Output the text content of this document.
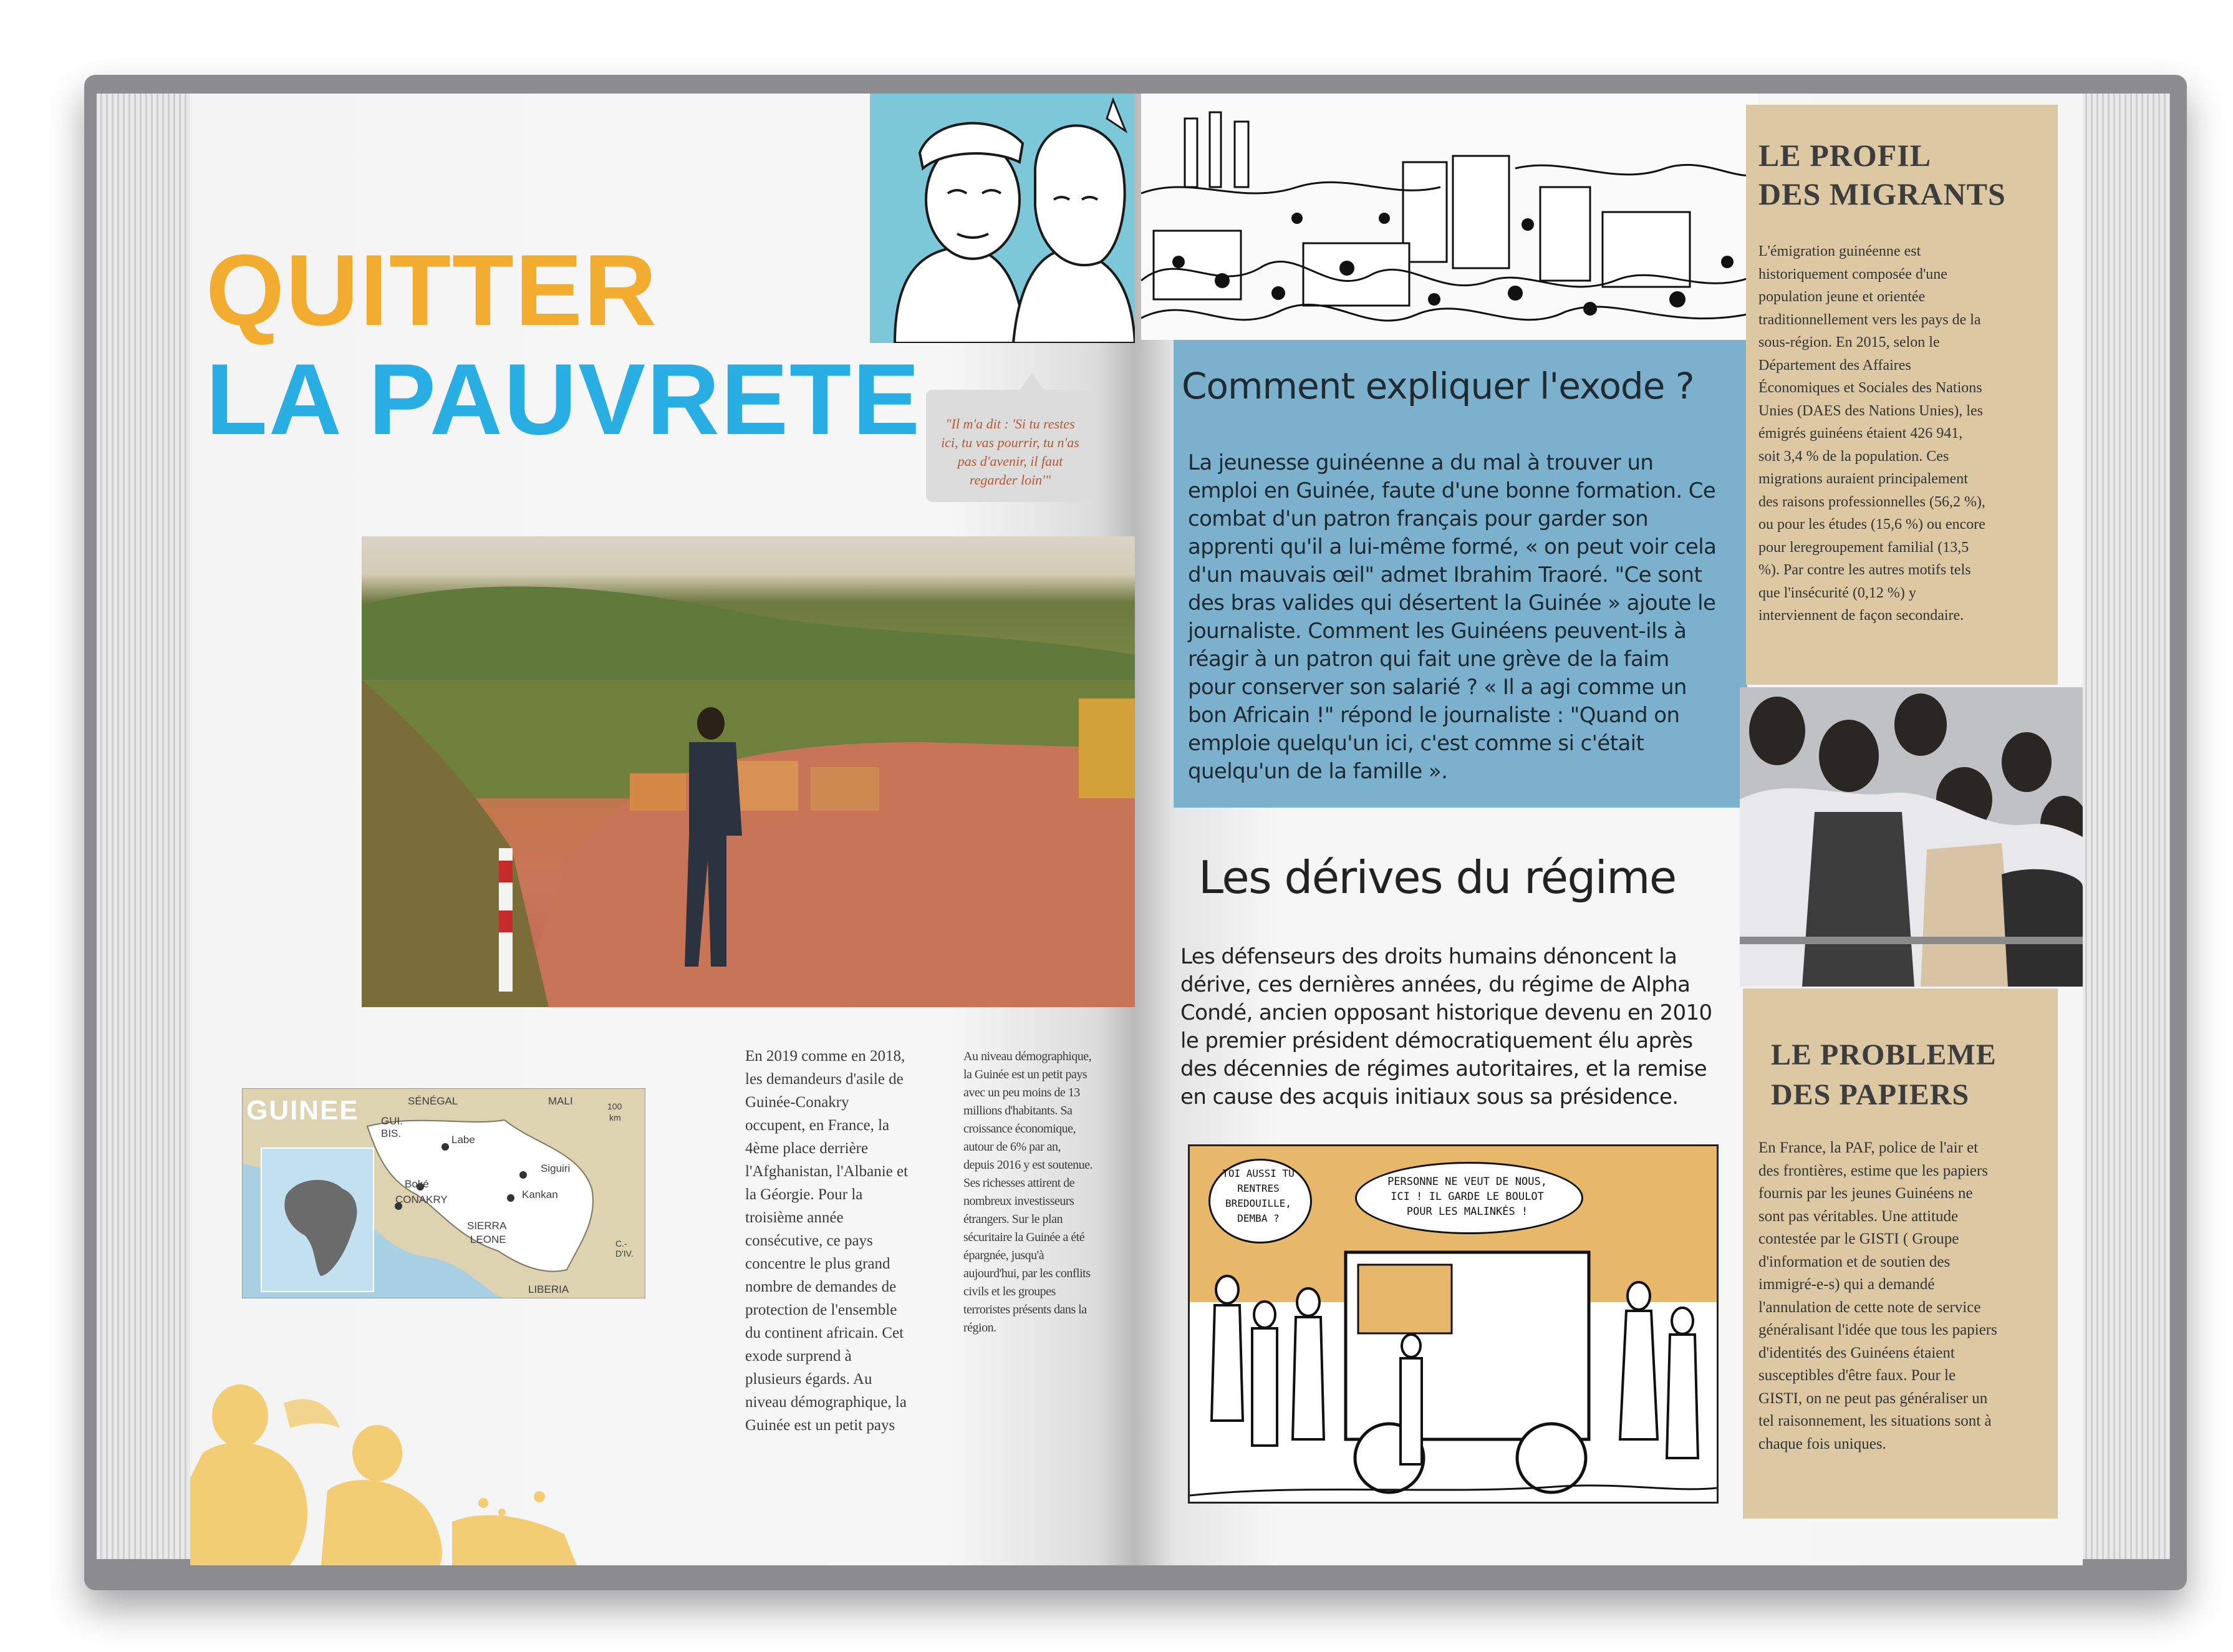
QUITTER
LA PAUVRETE	"Il m'a dit : 'Si tu restes ici, tu vas pourrir, tu n'as pas d'avenir, il faut regarder loin'"
GUINEE	SÉNÉGAL	MALI
GUI.
BIS.
Labe
Boké
Siguiri
Kankan
CONAKRY
SIERRA
LEONE
LIBERIA
C.-D'IV.
100
km
En 2019 comme en 2018,
les demandeurs d'asile de
Guinée-Conakry
occupent, en France, la
4ème place derrière
l'Afghanistan, l'Albanie et
la Géorgie. Pour la
troisième année
consécutive, ce pays
concentre le plus grand
nombre de demandes de
protection de l'ensemble
du continent africain. Cet
exode surprend à
plusieurs égards. Au
niveau démographique, la
Guinée est un petit pays
Au niveau démographique,
la Guinée est un petit pays
avec un peu moins de 13
millions d'habitants. Sa
croissance économique,
autour de 6% par an,
depuis 2016 y est soutenue.
Ses richesses attirent de
nombreux investisseurs
étrangers. Sur le plan
sécuritaire la Guinée a été
épargnée, jusqu'à
aujourd'hui, par les conflits
civils et les groupes
terroristes présents dans la
région.
Comment expliquer l'exode ?
La jeunesse guinéenne a du mal à trouver un
emploi en Guinée, faute d'une bonne formation. Ce
combat d'un patron français pour garder son
apprenti qu'il a lui-même formé, « on peut voir cela
d'un mauvais œil" admet Ibrahim Traoré. "Ce sont
des bras valides qui désertent la Guinée » ajoute le
journaliste. Comment les Guinéens peuvent-ils à
réagir à un patron qui fait une grève de la faim
pour conserver son salarié ? « Il a agi comme un
bon Africain !" répond le journaliste : "Quand on
emploie quelqu'un ici, c'est comme si c'était
quelqu'un de la famille ».
Les dérives du régime
Les défenseurs des droits humains dénoncent la
dérive, ces dernières années, du régime de Alpha
Condé, ancien opposant historique devenu en 2010
le premier président démocratiquement élu après
des décennies de régimes autoritaires, et la remise
en cause des acquis initiaux sous sa présidence.
TOI AUSSI TU
RENTRES
BREDOUILLE,
DEMBA ?
PERSONNE NE VEUT DE NOUS,
ICI ! IL GARDE LE BOULOT
POUR LES MALINKÉS !
LE PROFIL
DES MIGRANTS
L'émigration guinéenne est
historiquement composée d'une
population jeune et orientée
traditionnellement vers les pays de la
sous-région. En 2015, selon le
Département des Affaires
Économiques et Sociales des Nations
Unies (DAES des Nations Unies), les
émigrés guinéens étaient 426 941,
soit 3,4 % de la population. Ces
migrations auraient principalement
des raisons professionnelles (56,2 %),
ou pour les études (15,6 %) ou encore
pour leregroupement familial (13,5
%). Par contre les autres motifs tels
que l'insécurité (0,12 %) y
interviennent de façon secondaire.
LE PROBLEME
DES PAPIERS
En France, la PAF, police de l'air et
des frontières, estime que les papiers
fournis par les jeunes Guinéens ne
sont pas véritables. Une attitude
contestée par le GISTI ( Groupe
d'information et de soutien des
immigré-e-s) qui a demandé
l'annulation de cette note de service
généralisant l'idée que tous les papiers
d'identités des Guinéens étaient
susceptibles d'être faux. Pour le
GISTI, on ne peut pas généraliser un
tel raisonnement, les situations sont à
chaque fois uniques.
